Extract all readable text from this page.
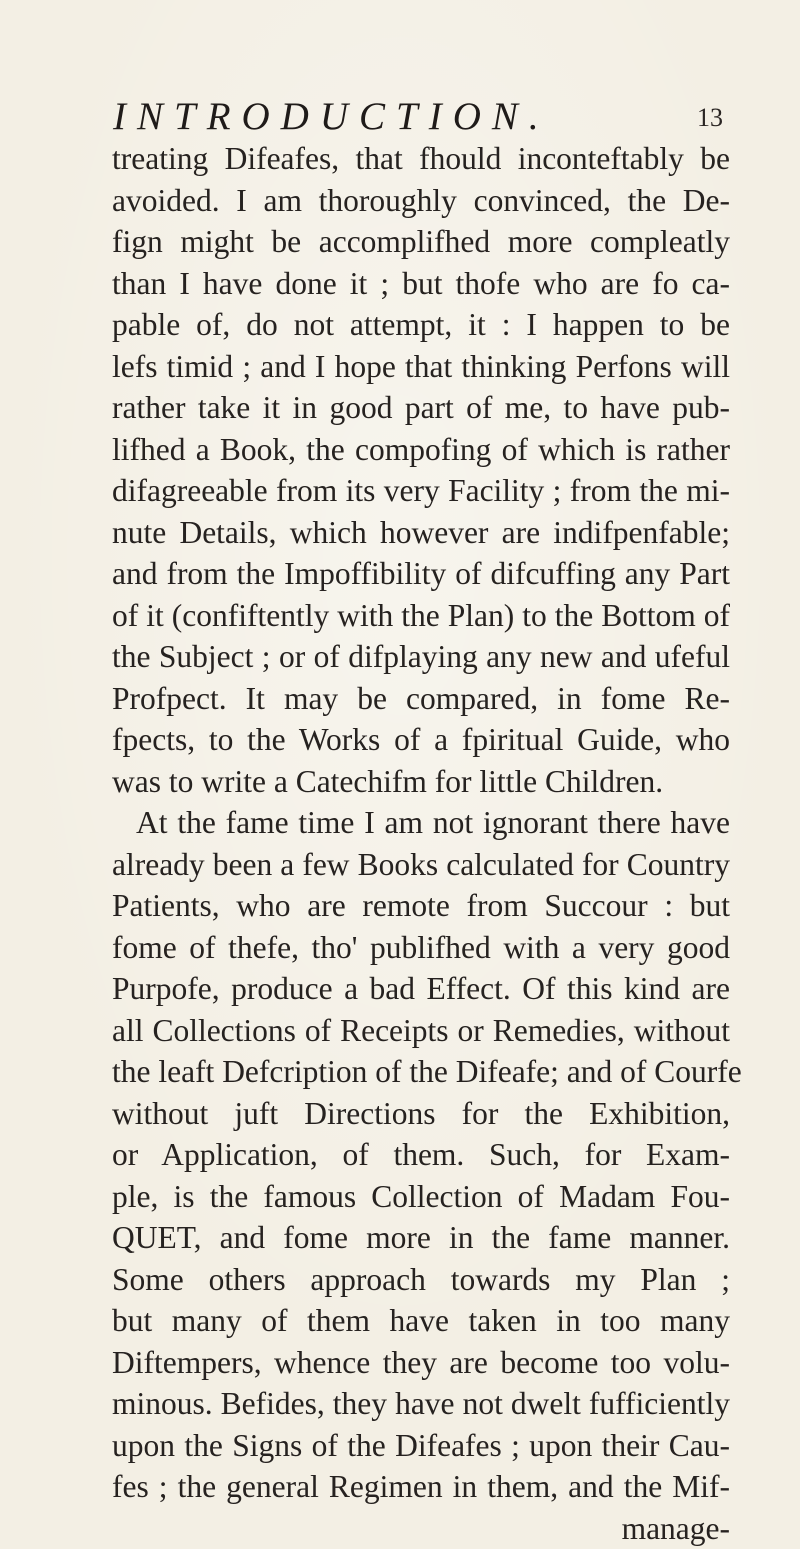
INTRODUCTION.	13
treating Difeafes, that fhould inconteftably be
avoided. I am thoroughly convinced, the De-
fign might be accomplifhed more compleatly
than I have done it ; but thofe who are fo ca-
pable of, do not attempt, it : I happen to be
lefs timid ; and I hope that thinking Perfons will
rather take it in good part of me, to have pub-
lifhed a Book, the compofing of which is rather
difagreeable from its very Facility ; from the mi-
nute Details, which however are indifpenfable;
and from the Impoffibility of difcuffing any Part
of it (confiftently with the Plan) to the Bottom of
the Subject ; or of difplaying any new and ufeful
Profpect. It may be compared, in fome Re-
fpects, to the Works of a fpiritual Guide, who
was to write a Catechifm for little Children.
At the fame time I am not ignorant there have
already been a few Books calculated for Country
Patients, who are remote from Succour : but
fome of thefe, tho' publifhed with a very good
Purpofe, produce a bad Effect. Of this kind are
all Collections of Receipts or Remedies, without
the leaft Defcription of the Difeafe; and of Courfe
without juft Directions for the Exhibition,
or Application, of them. Such, for Exam-
ple, is the famous Collection of Madam Fou-
QUET, and fome more in the fame manner.
Some others approach towards my Plan ;
but many of them have taken in too many
Diftempers, whence they are become too volu-
minous. Befides, they have not dwelt fufficiently
upon the Signs of the Difeafes ; upon their Cau-
fes ; the general Regimen in them, and the Mif-
manage-
